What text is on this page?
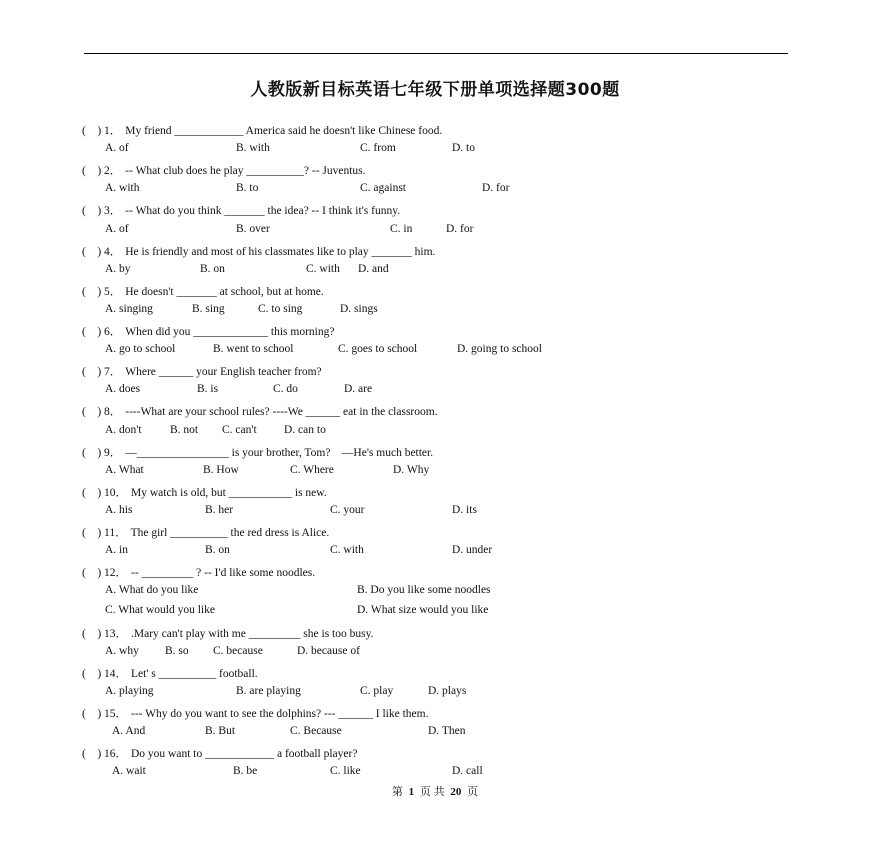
人教版新目标英语七年级下册单项选择题300题
(　) 1． My friend ____________ America said he doesn't like Chinese food.
A. of	B. with	C. from	D. to
(　) 2． -- What club does he play __________? -- Juventus.
A. with	B. to	C. against	D. for
(　) 3． -- What do you think _______ the idea? -- I think it's funny.
A. of	B. over	C. in	D. for
(　) 4． He is friendly and most of his classmates like to play _______ him.
A. by	B. on	C. with D. and
(　) 5． He doesn't _______ at school, but at home.
A. singing	B. sing	C. to sing	D. sings
(　) 6． When did you _____________ this morning?
A. go to school	B. went to school	C. goes to school	D. going to school
(　) 7． Where ______ your English teacher from?
A. does	B. is	C. do	D. are
(　) 8． ----What are your school rules? ----We ______ eat in the classroom.
A. don't B. not C. can't D. can to
(　) 9． —________________ is your brother, Tom?　—He's much better.
A. What	B. How	C. Where	D. Why
(　) 10． My watch is old, but ___________ is new.
A. his	B. her	C. your	D. its
(　) 11． The girl __________ the red dress is Alice.
A. in	B. on	C. with	D. under
(　) 12． -- _________ ? -- I'd like some noodles.
A. What do you like	B. Do you like some noodles
C. What would you like	D. What size would you like
(　) 13． .Mary can't play with me _________ she is too busy.
A. why B. so C. because	D. because of
(　) 14． Let' s __________ football.
A. playing	B. are playing	C. play	D. plays
(　) 15． --- Why do you want to see the dolphins? --- ______ I like them.
A. And	B. But	C. Because	D. Then
(　) 16． Do you want to ____________ a football player?
A. wait	B. be	C. like	D. call
第 1 页 共 20 页
